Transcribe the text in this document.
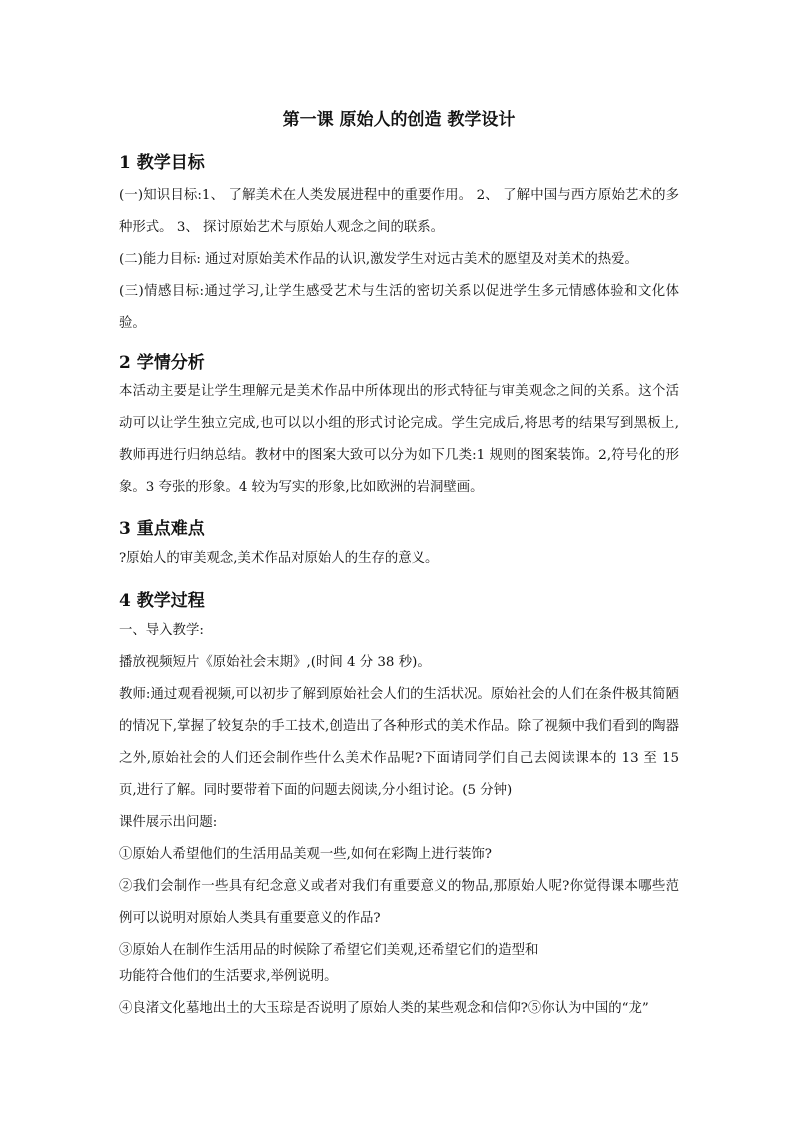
第一课 原始人的创造 教学设计
1 教学目标

(一)知识目标:1、 了解美术在人类发展进程中的重要作用。 2、 了解中国与西方原始艺术的多种形式。 3、 探讨原始艺术与原始人观念之间的联系。

(二)能力目标: 通过对原始美术作品的认识,激发学生对远古美术的愿望及对美术的热爱。

(三)情感目标:通过学习,让学生感受艺术与生活的密切关系以促进学生多元情感体验和文化体验。

2 学情分析

本活动主要是让学生理解元是美术作品中所体现出的形式特征与审美观念之间的关系。这个活动可以让学生独立完成,也可以以小组的形式讨论完成。学生完成后,将思考的结果写到黑板上,教师再进行归纳总结。教材中的图案大致可以分为如下几类:1 规则的图案装饰。2,符号化的形象。3 夸张的形象。4 较为写实的形象,比如欧洲的岩洞壁画。

3 重点难点

?原始人的审美观念,美术作品对原始人的生存的意义。

4 教学过程

一、导入教学:

播放视频短片《原始社会末期》,(时间 4 分 38 秒)。

教师:通过观看视频,可以初步了解到原始社会人们的生活状况。原始社会的人们在条件极其简陋的情况下,掌握了较复杂的手工技术,创造出了各种形式的美术作品。除了视频中我们看到的陶器之外,原始社会的人们还会制作些什么美术作品呢?下面请同学们自己去阅读课本的 13 至 15 页,进行了解。同时要带着下面的问题去阅读,分小组讨论。(5 分钟)

课件展示出问题:

①原始人希望他们的生活用品美观一些,如何在彩陶上进行装饰?

②我们会制作一些具有纪念意义或者对我们有重要意义的物品,那原始人呢?你觉得课本哪些范例可以说明对原始人类具有重要意义的作品?

③原始人在制作生活用品的时候除了希望它们美观,还希望它们的造型和

功能符合他们的生活要求,举例说明。

④良渚文化墓地出土的大玉琮是否说明了原始人类的某些观念和信仰?⑤你认为中国的“龙”
